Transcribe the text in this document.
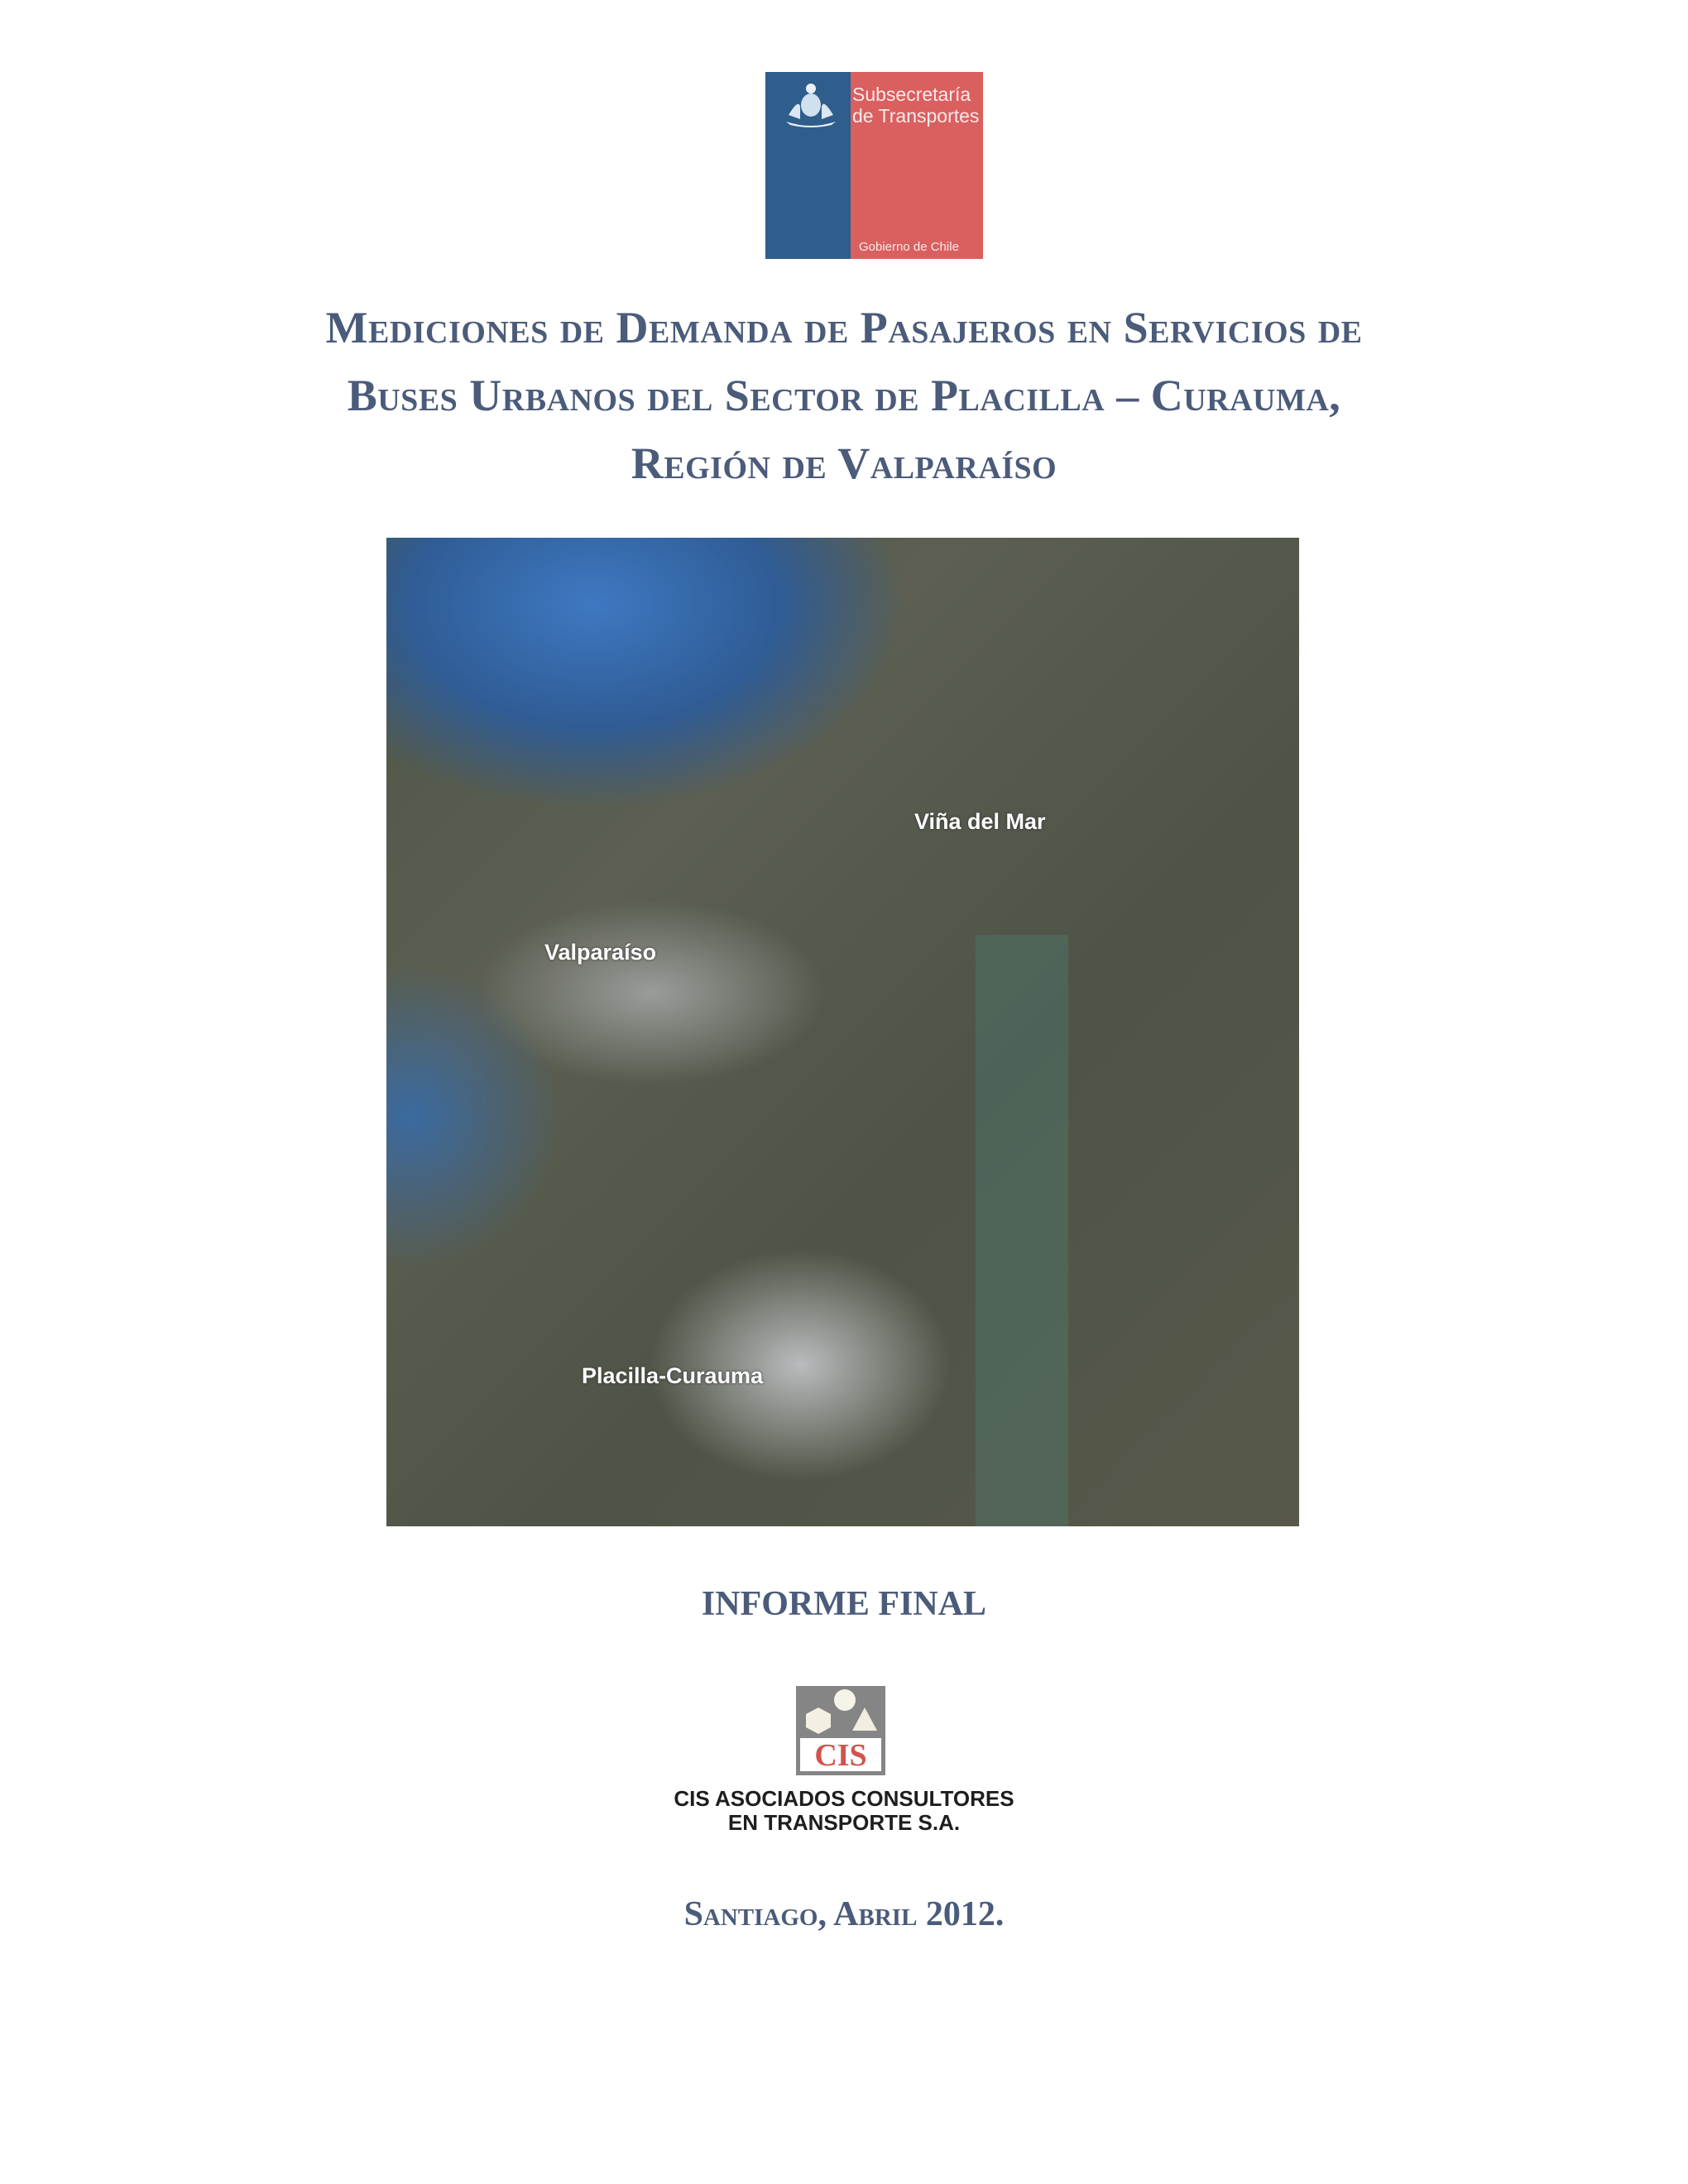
Subsecretaría
de Transportes
Gobierno de Chile
Mediciones de Demanda de Pasajeros en Servicios de
Buses Urbanos del Sector de Placilla – Curauma,
Región de Valparaíso
Viña del Mar
Valparaíso
Placilla-Curauma
INFORME FINAL
CIS
CIS ASOCIADOS CONSULTORES
EN TRANSPORTE S.A.
Santiago, Abril 2012.
